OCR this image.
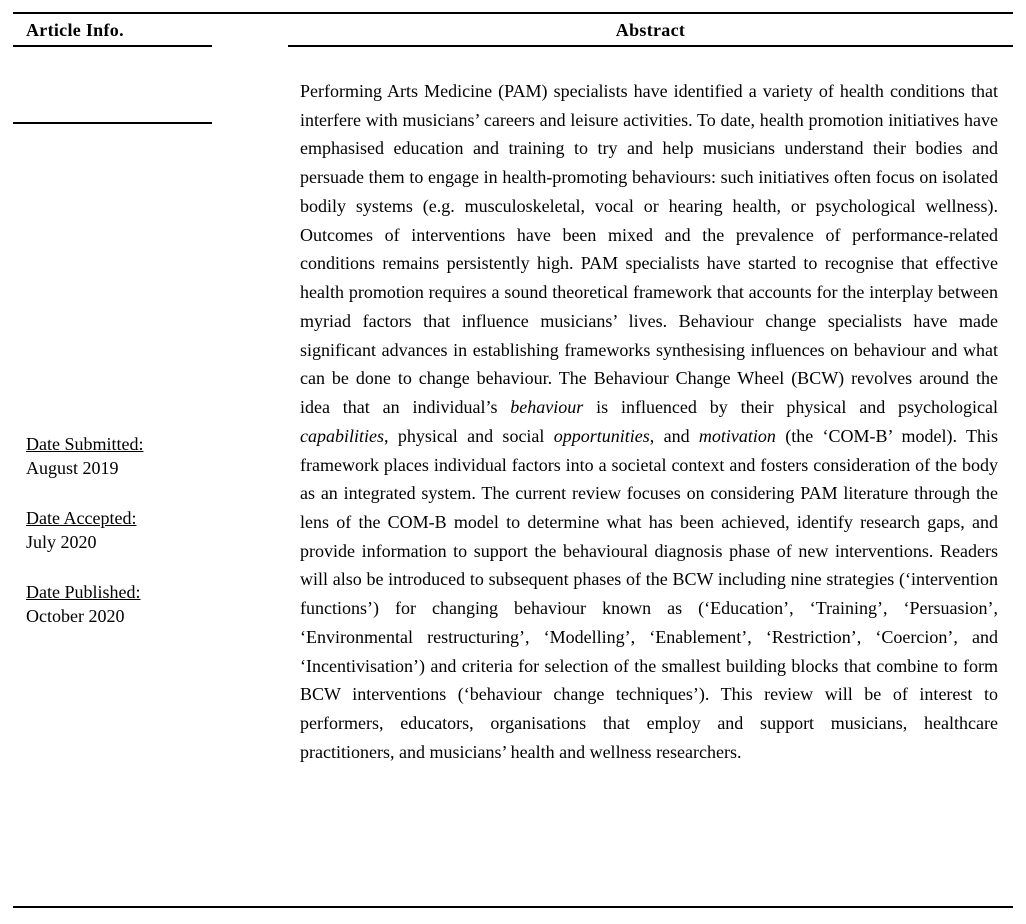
Article Info.	Abstract
Date Submitted:
August 2019
Date Accepted:
July 2020
Date Published:
October 2020

Performing Arts Medicine (PAM) specialists have identified a variety of health conditions that interfere with musicians’ careers and leisure activities. To date, health promotion initiatives have emphasised education and training to try and help musicians understand their bodies and persuade them to engage in health-promoting behaviours: such initiatives often focus on isolated bodily systems (e.g. musculoskeletal, vocal or hearing health, or psychological wellness). Outcomes of interventions have been mixed and the prevalence of performance-related conditions remains persistently high. PAM specialists have started to recognise that effective health promotion requires a sound theoretical framework that accounts for the interplay between myriad factors that influence musicians’ lives. Behaviour change specialists have made significant advances in establishing frameworks synthesising influences on behaviour and what can be done to change behaviour. The Behaviour Change Wheel (BCW) revolves around the idea that an individual’s behaviour is influenced by their physical and psychological capabilities, physical and social opportunities, and motivation (the ‘COM-B’ model). This framework places individual factors into a societal context and fosters consideration of the body as an integrated system. The current review focuses on considering PAM literature through the lens of the COM-B model to determine what has been achieved, identify research gaps, and provide information to support the behavioural diagnosis phase of new interventions. Readers will also be introduced to subsequent phases of the BCW including nine strategies (‘intervention functions’) for changing behaviour known as (‘Education’, ‘Training’, ‘Persuasion’, ‘Environmental restructuring’, ‘Modelling’, ‘Enablement’, ‘Restriction’, ‘Coercion’, and ‘Incentivisation’) and criteria for selection of the smallest building blocks that combine to form BCW interventions (‘behaviour change techniques’). This review will be of interest to performers, educators, organisations that employ and support musicians, healthcare practitioners, and musicians’ health and wellness researchers.
